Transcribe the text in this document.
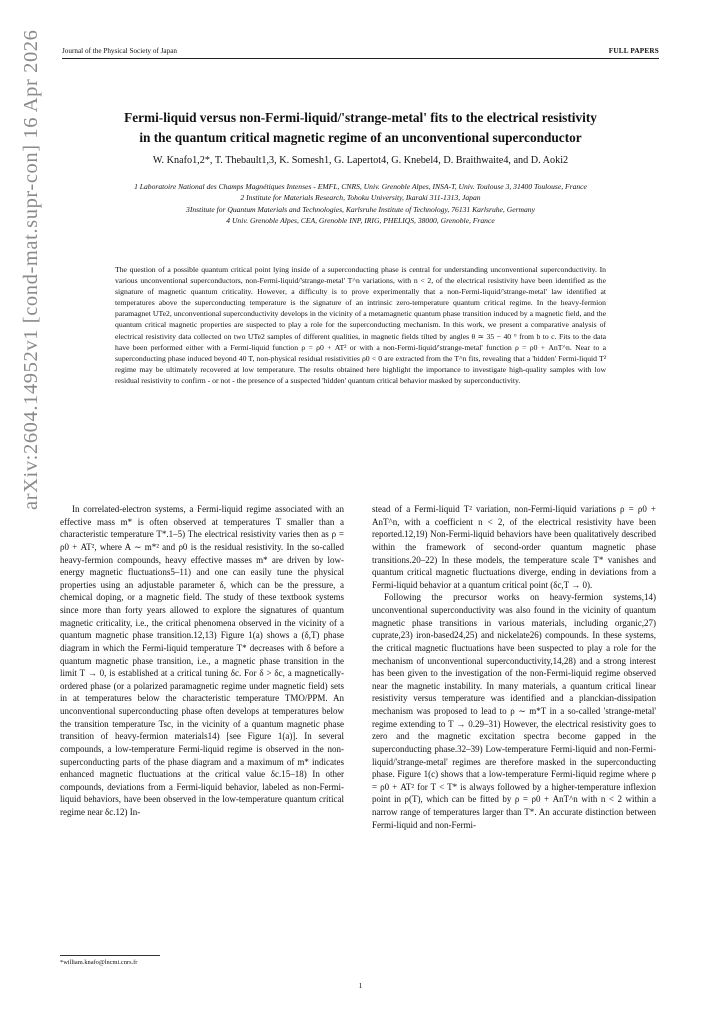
Journal of the Physical Society of Japan	FULL PAPERS
arXiv:2604.14952v1 [cond-mat.supr-con] 16 Apr 2026	Fermi-liquid versus non-Fermi-liquid/'strange-metal' fits to the electrical resistivity
in the quantum critical magnetic regime of an unconventional superconductor
W. Knafo1,2*, T. Thebault1,3, K. Somesh1, G. Lapertot4, G. Knebel4, D. Braithwaite4, and D. Aoki2
1 Laboratoire National des Champs Magnétiques Intenses - EMFL, CNRS, Univ. Grenoble Alpes, INSA-T, Univ. Toulouse 3, 31400 Toulouse, France
2 Institute for Materials Research, Tohoku University, Ikaraki 311-1313, Japan
3Institute for Quantum Materials and Technologies, Karlsruhe Institute of Technology, 76131 Karlsruhe, Germany
4 Univ. Grenoble Alpes, CEA, Grenoble INP, IRIG, PHELIQS, 38000, Grenoble, France
The question of a possible quantum critical point lying inside of a superconducting phase is central for understanding unconventional superconductivity. In various unconventional superconductors, non-Fermi-liquid/'strange-metal' T^n variations, with n < 2, of the electrical resistivity have been identified as the signature of magnetic quantum criticality. However, a difficulty is to prove experimentally that a non-Fermi-liquid/'strange-metal' law identified at temperatures above the superconducting temperature is the signature of an intrinsic zero-temperature quantum critical regime. In the heavy-fermion paramagnet UTe2, unconventional superconductivity develops in the vicinity of a metamagnetic quantum phase transition induced by a magnetic field, and the quantum critical magnetic properties are suspected to play a role for the superconducting mechanism. In this work, we present a comparative analysis of electrical resistivity data collected on two UTe2 samples of different qualities, in magnetic fields tilted by angles θ ≃ 35 − 40 ° from b to c. Fits to the data have been performed either with a Fermi-liquid function ρ = ρ0 + AT² or with a non-Fermi-liquid/'strange-metal' function ρ = ρ0 + AnT^n. Near to a superconducting phase induced beyond 40 T, non-physical residual resistivities ρ0 < 0 are extracted from the T^n fits, revealing that a 'hidden' Fermi-liquid T² regime may be ultimately recovered at low temperature. The results obtained here highlight the importance to investigate high-quality samples with low residual resistivity to confirm - or not - the presence of a suspected 'hidden' quantum critical behavior masked by superconductivity.

In correlated-electron systems, a Fermi-liquid regime associated with an effective mass m* is often observed at temperatures T smaller than a characteristic temperature T*.1–5) The electrical resistivity varies then as ρ = ρ0 + AT², where A ∼ m*² and ρ0 is the residual resistivity. In the so-called heavy-fermion compounds, heavy effective masses m* are driven by low-energy magnetic fluctuations5–11) and one can easily tune the physical properties using an adjustable parameter δ, which can be the pressure, a chemical doping, or a magnetic field. The study of these textbook systems since more than forty years allowed to explore the signatures of quantum magnetic criticality, i.e., the critical phenomena observed in the vicinity of a quantum magnetic phase transition.12,13) Figure 1(a) shows a (δ,T) phase diagram in which the Fermi-liquid temperature T* decreases with δ before a quantum magnetic phase transition, i.e., a magnetic phase transition in the limit T → 0, is established at a critical tuning δc. For δ > δc, a magnetically-ordered phase (or a polarized paramagnetic regime under magnetic field) sets in at temperatures below the characteristic temperature TMO/PPM. An unconventional superconducting phase often develops at temperatures below the transition temperature Tsc, in the vicinity of a quantum magnetic phase transition of heavy-fermion materials14) [see Figure 1(a)]. In several compounds, a low-temperature Fermi-liquid regime is observed in the non-superconducting parts of the phase diagram and a maximum of m* indicates enhanced magnetic fluctuations at the critical value δc.15–18) In other compounds, deviations from a Fermi-liquid behavior, labeled as non-Fermi-liquid behaviors, have been observed in the low-temperature quantum critical regime near δc.12) In-

stead of a Fermi-liquid T² variation, non-Fermi-liquid variations ρ = ρ0 + AnT^n, with a coefficient n < 2, of the electrical resistivity have been reported.12,19) Non-Fermi-liquid behaviors have been qualitatively described within the framework of second-order quantum magnetic phase transitions.20–22) In these models, the temperature scale T* vanishes and quantum critical magnetic fluctuations diverge, ending in deviations from a Fermi-liquid behavior at a quantum critical point (δc,T → 0).

Following the precursor works on heavy-fermion systems,14) unconventional superconductivity was also found in the vicinity of quantum magnetic phase transitions in various materials, including organic,27) cuprate,23) iron-based24,25) and nickelate26) compounds. In these systems, the critical magnetic fluctuations have been suspected to play a role for the mechanism of unconventional superconductivity,14,28) and a strong interest has been given to the investigation of the non-Fermi-liquid regime observed near the magnetic instability. In many materials, a quantum critical linear resistivity versus temperature was identified and a planckian-dissipation mechanism was proposed to lead to ρ ∼ m*T in a so-called 'strange-metal' regime extending to T → 0.29–31) However, the electrical resistivity goes to zero and the magnetic excitation spectra become gapped in the superconducting phase.32–39) Low-temperature Fermi-liquid and non-Fermi-liquid/'strange-metal' regimes are therefore masked in the superconducting phase. Figure 1(c) shows that a low-temperature Fermi-liquid regime where ρ = ρ0 + AT² for T < T* is always followed by a higher-temperature inflexion point in ρ(T), which can be fitted by ρ = ρ0 + AnT^n with n < 2 within a narrow range of temperatures larger than T*. An accurate distinction between Fermi-liquid and non-Fermi-

*william.knafo@lncmi.cnrs.fr
1
